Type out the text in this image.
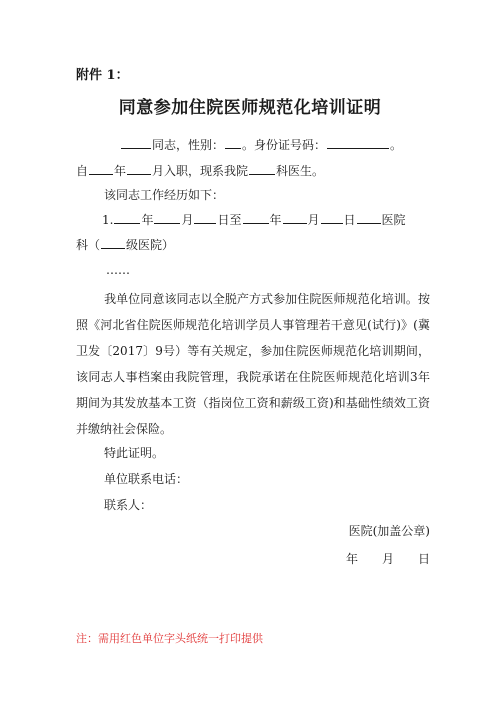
附件 1：
同意参加住院医师规范化培训证明
同志，性别： 。身份证号码：	。
自 年 月入职，现系我院 科医生。
该同志工作经历如下：
1. 年 月 日至 年 月 日 医院
科（ 级医院）
……
我单位同意该同志以全脱产方式参加住院医师规范化培训。按照《河北省住院医师规范化培训学员人事管理若干意见(试行)》(冀卫发〔2017〕9号）等有关规定，参加住院医师规范化培训期间，该同志人事档案由我院管理，我院承诺在住院医师规范化培训3年期间为其发放基本工资（指岗位工资和薪级工资)和基础性绩效工资并缴纳社会保险。
特此证明。
单位联系电话：
联系人：
医院(加盖公章)
年 月 日
注：需用红色单位字头纸统一打印提供
